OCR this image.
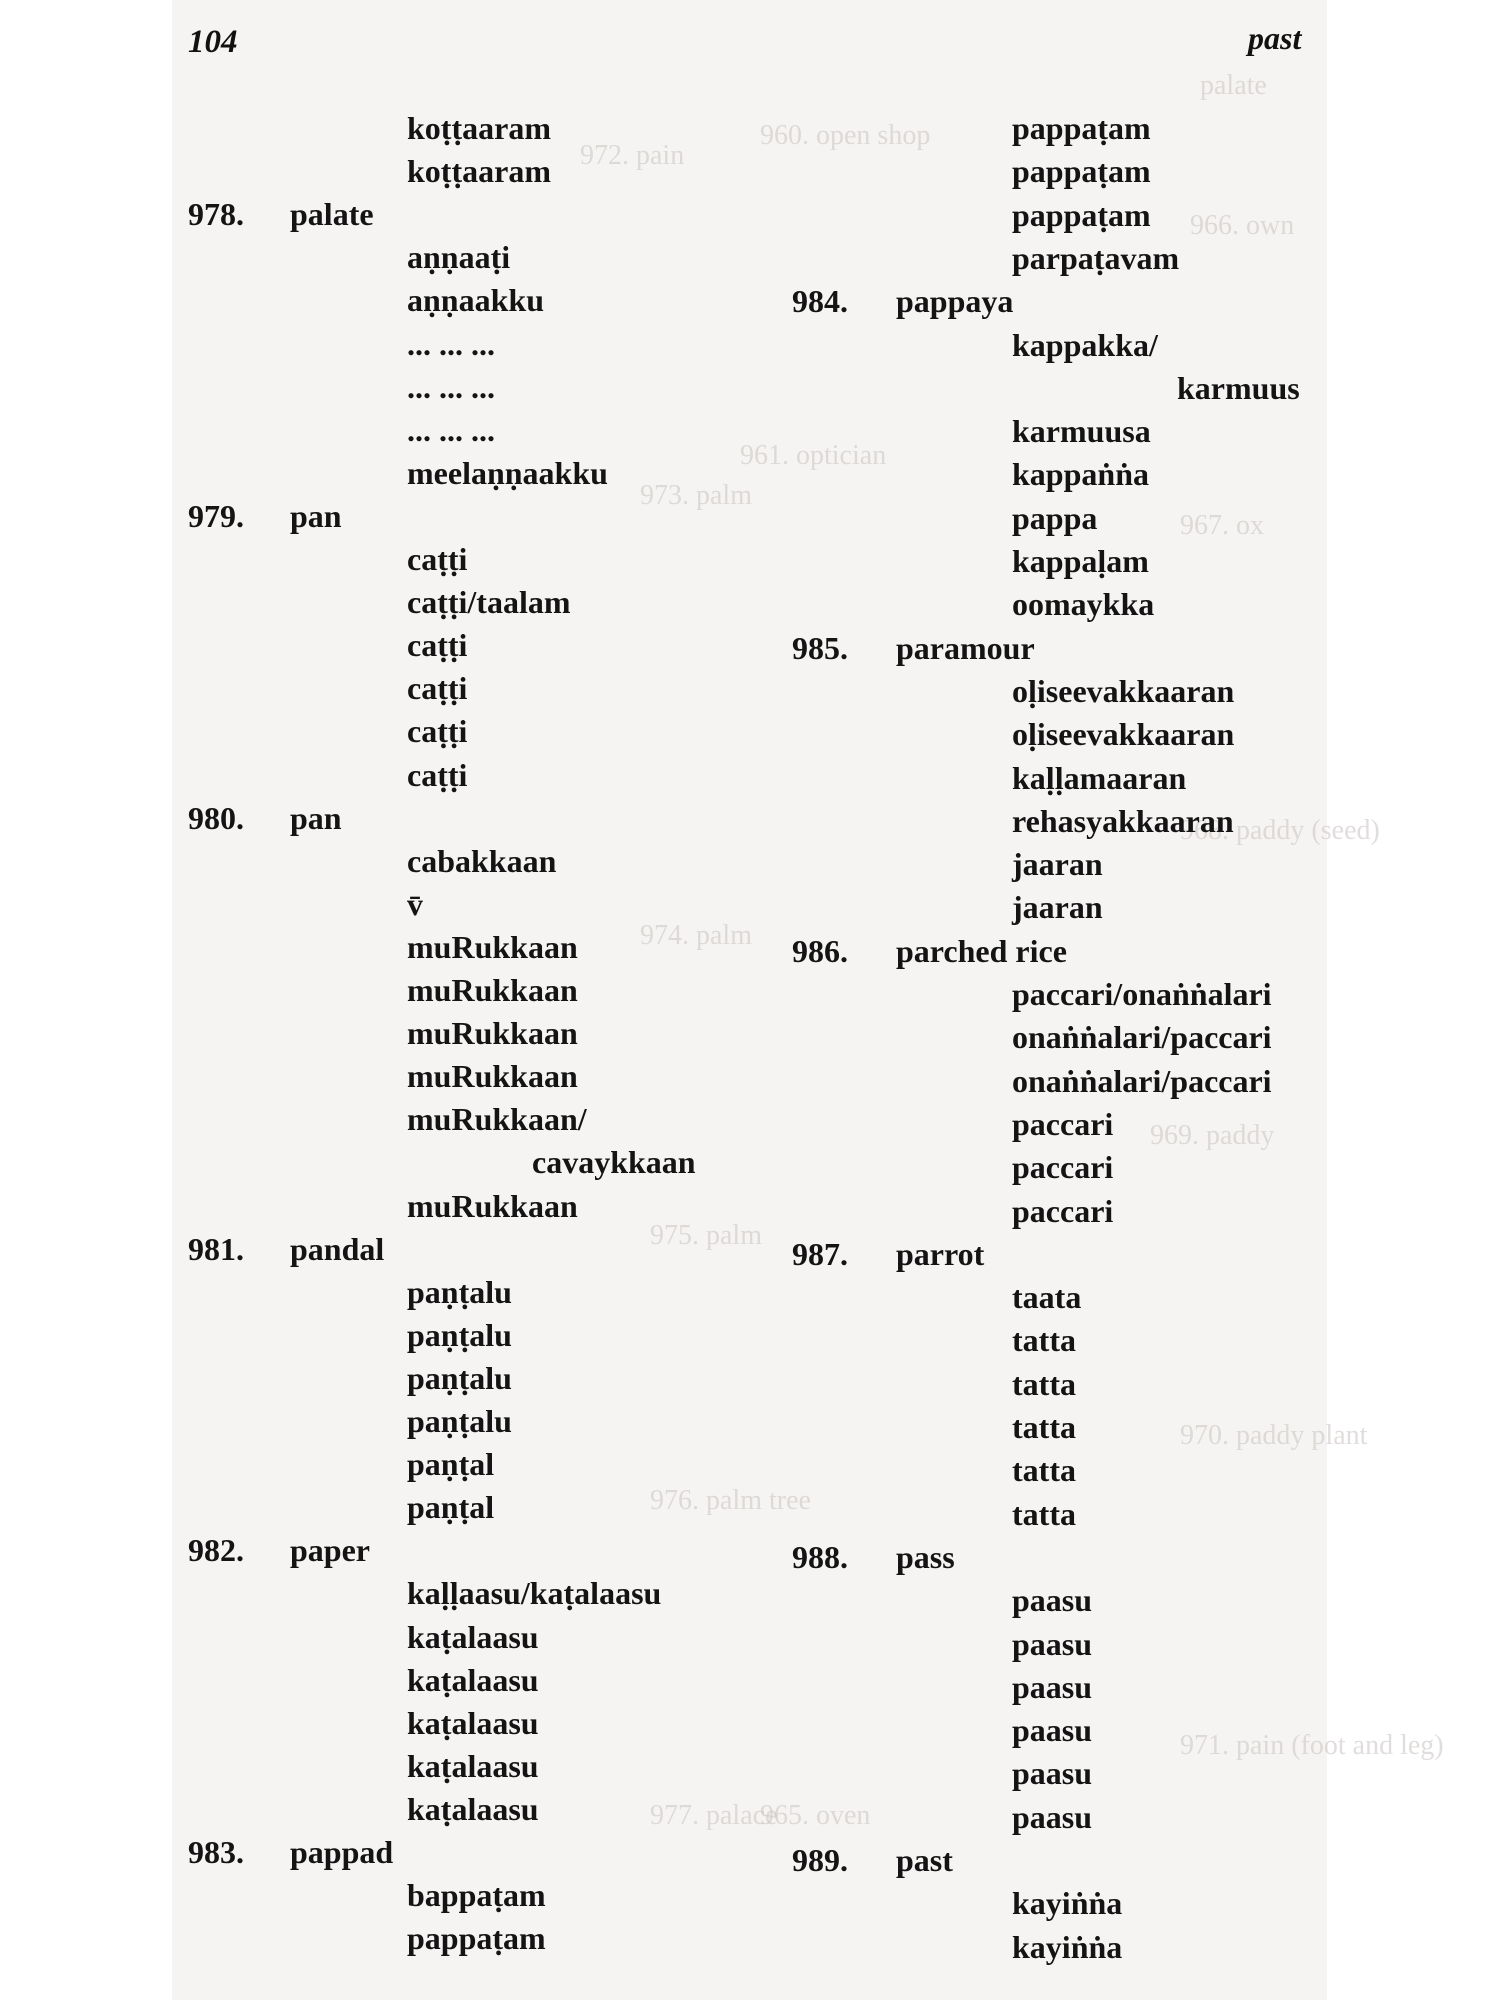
972. pain
palate
960. open shop
966. own
973. palm
967. ox
961. optician
974. palm
968. paddy (seed)
975. palm
969. paddy
976. palm tree
970. paddy plant
977. palace
971. pain (foot and leg)
965. oven
104	past
koṭṭaaram
koṭṭaaram
978. palate
aṇṇaaṭi
aṇṇaakku
... ... ...
... ... ...
... ... ...
meelaṇṇaakku
979. pan
caṭṭi
caṭṭi/taalam
caṭṭi
caṭṭi
caṭṭi
caṭṭi
980. pan
cabakkaan
v̄
muRukkaan
muRukkaan
muRukkaan
muRukkaan
muRukkaan/
cavaykkaan
muRukkaan
981. pandal
paṇṭalu
paṇṭalu
paṇṭalu
paṇṭalu
paṇṭal
paṇṭal
982. paper
kaḷḷaasu/kaṭalaasu
kaṭalaasu
kaṭalaasu
kaṭalaasu
kaṭalaasu
kaṭalaasu
983. pappad
bappaṭam
pappaṭam
pappaṭam
pappaṭam
pappaṭam
parpaṭavam
984. pappaya
kappakka/
karmuus
karmuusa
kappaṅṅa
pappa
kappaḷam
oomaykka
985. paramour
oḷiseevakkaaran
oḷiseevakkaaran
kaḷḷamaaran
rehasyakkaaran
jaaran
jaaran
986. parched rice
paccari/onaṅṅalari
onaṅṅalari/paccari
onaṅṅalari/paccari
paccari
paccari
paccari
987. parrot
taata
tatta
tatta
tatta
tatta
tatta
988. pass
paasu
paasu
paasu
paasu
paasu
paasu
989. past
kayiṅṅa
kayiṅṅa
